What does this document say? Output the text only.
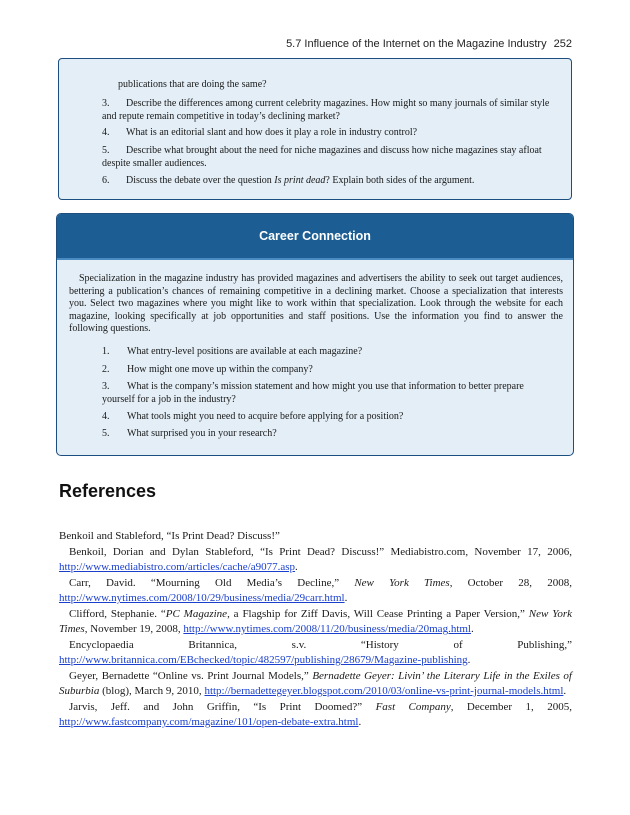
5.7 Influence of the Internet on the Magazine Industry 252
publications that are doing the same?
3.	Describe the differences among current celebrity magazines. How might so many journals of similar style and repute remain competitive in today’s declining market?
4.	What is an editorial slant and how does it play a role in industry control?
5.	Describe what brought about the need for niche magazines and discuss how niche magazines stay afloat despite smaller audiences.
6.	Discuss the debate over the question Is print dead? Explain both sides of the argument.
Career Connection
Specialization in the magazine industry has provided magazines and advertisers the ability to seek out target audiences, bettering a publication’s chances of remaining competitive in a declining market. Choose a specialization that interests you. Select two magazines where you might like to work within that specialization. Look through the website for each magazine, looking specifically at job opportunities and staff positions. Use the information you find to answer the following questions.
1.	What entry-level positions are available at each magazine?
2.	How might one move up within the company?
3.	What is the company’s mission statement and how might you use that information to better prepare yourself for a job in the industry?
4.	What tools might you need to acquire before applying for a position?
5.	What surprised you in your research?
References

Benkoil and Stableford, “Is Print Dead? Discuss!”

Benkoil, Dorian and Dylan Stableford, “Is Print Dead? Discuss!” Mediabistro.com, November 17, 2006, http://www.mediabistro.com/articles/cache/a9077.asp.

Carr, David. “Mourning Old Media’s Decline,” New York Times, October 28, 2008, http://www.nytimes.com/2008/10/29/business/media/29carr.html.

Clifford, Stephanie. “PC Magazine, a Flagship for Ziff Davis, Will Cease Printing a Paper Version,” New York Times, November 19, 2008, http://www.nytimes.com/2008/11/20/business/media/20mag.html.

Encyclopaedia Britannica, s.v. “History of Publishing,” http://www.britannica.com/EBchecked/topic/482597/publishing/28679/Magazine-publishing.

Geyer, Bernadette “Online vs. Print Journal Models,” Bernadette Geyer: Livin’ the Literary Life in the Exiles of Suburbia (blog), March 9, 2010, http://bernadettegeyer.blogspot.com/2010/03/online-vs-print-journal-models.html.

Jarvis, Jeff. and John Griffin, “Is Print Doomed?” Fast Company, December 1, 2005, http://www.fastcompany.com/magazine/101/open-debate-extra.html.
